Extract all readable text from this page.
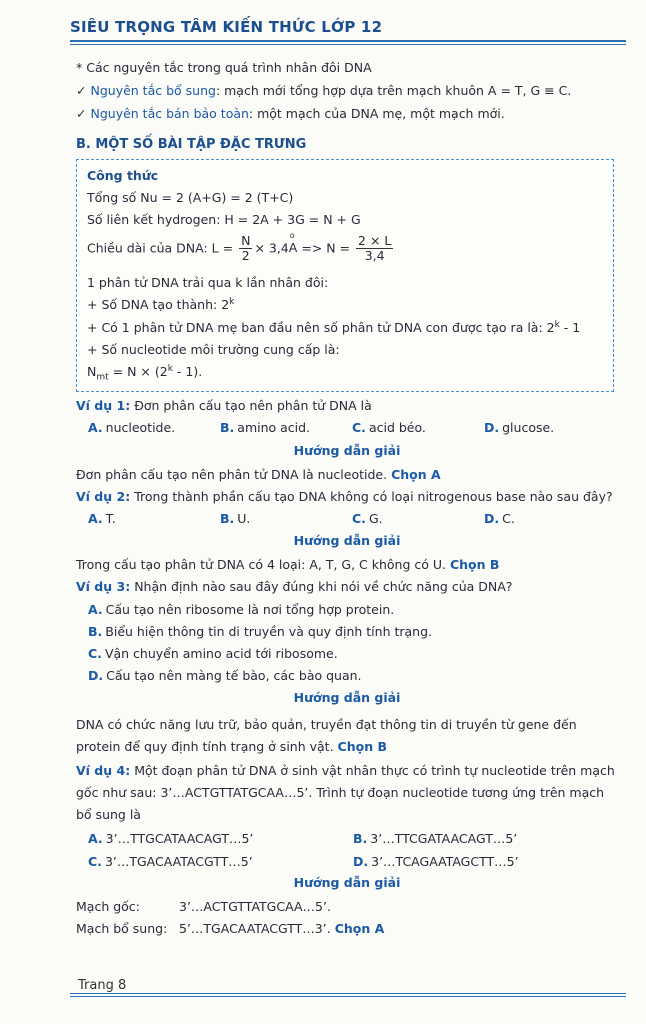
SIÊU TRỌNG TÂM KIẾN THỨC LỚP 12

* Các nguyên tắc trong quá trình nhân đôi DNA

✓ Nguyên tắc bổ sung: mạch mới tổng hợp dựa trên mạch khuôn A = T, G ≡ C.

✓ Nguyên tắc bán bảo toàn: một mạch của DNA mẹ, một mạch mới.

B. MỘT SỐ BÀI TẬP ĐẶC TRƯNG
Công thức

Tổng số Nu = 2 (A+G) = 2 (T+C)

Số liên kết hydrogen: H = 2A + 3G = N + G

Chiều dài của DNA: $L = \frac{N}{2} \times 3,4o$ $A => N = \frac{2 \times L}{3,4}$

1 phân tử DNA trải qua k lần nhân đôi:

+ Số DNA tạo thành: 2$^k$

+ Có 1 phân tử DNA mẹ ban đầu nên số phân tử DNA con được tạo ra là: 2$^k$ - 1

+ Số nucleotide môi trường cung cấp là:

$N_{mt} = N \times (2^k - 1)$.

Ví dụ 1: Đơn phân cấu tạo nên phân tử DNA là

A. nucleotide.	B. amino acid.	C. acid béo.	D. glucose.
Hướng dẫn giải

Đơn phân cấu tạo nên phân tử DNA là nucleotide. Chọn A

Ví dụ 2: Trong thành phần cấu tạo DNA không có loại nitrogenous base nào sau đây?

A. T.	B. U.	C. G.	D. C.
Hướng dẫn giải

Trong cấu tạo phân tử DNA có 4 loại: A, T, G, C không có U. Chọn B

Ví dụ 3: Nhận định nào sau đây đúng khi nói về chức năng của DNA?

A. Cấu tạo nên ribosome là nơi tổng hợp protein.
B. Biểu hiện thông tin di truyền và quy định tính trạng.
C. Vận chuyển amino acid tới ribosome.
D. Cấu tạo nên màng tế bào, các bào quan.
Hướng dẫn giải

DNA có chức năng lưu trữ, bảo quản, truyền đạt thông tin di truyền từ gene đến protein để quy định tính trạng ở sinh vật. Chọn B

Ví dụ 4: Một đoạn phân tử DNA ở sinh vật nhân thực có trình tự nucleotide trên mạch gốc như sau: 3’…ACTGTTATGCAA…5’. Trình tự đoạn nucleotide tương ứng trên mạch bổ sung là

A. 3’…TTGCATAACAGT…5’	B. 3’…TTCGATAACAGT…5’
C. 3’…TGACAATACGTT…5’	D. 3’…TCAGAATAGCTT…5’
Hướng dẫn giải

Mạch gốc:	3’…ACTGTTATGCAA…5’.

Mạch bổ sung: 5’…TGACAATACGTT…3’. Chọn A

Trang 8
